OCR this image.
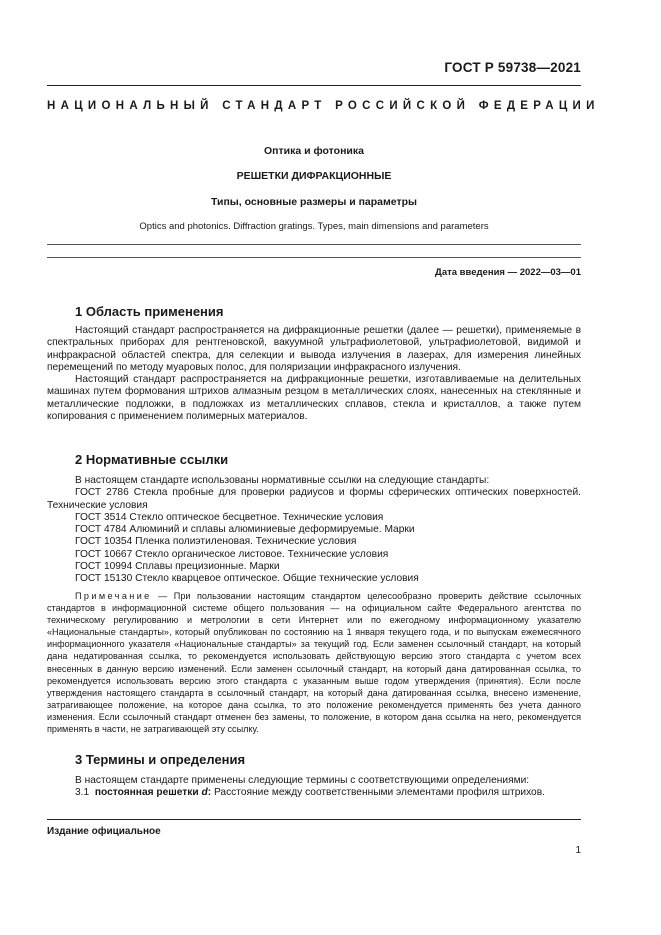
ГОСТ Р 59738—2021
НАЦИОНАЛЬНЫЙ СТАНДАРТ РОССИЙСКОЙ ФЕДЕРАЦИИ
Оптика и фотоника
РЕШЕТКИ ДИФРАКЦИОННЫЕ
Типы, основные размеры и параметры
Optics and photonics. Diffraction gratings. Types, main dimensions and parameters
Дата введения — 2022—03—01
1 Область применения

Настоящий стандарт распространяется на дифракционные решетки (далее — решетки), применяемые в спектральных приборах для рентгеновской, вакуумной ультрафиолетовой, ультрафиолетовой, видимой и инфракрасной областей спектра, для селекции и вывода излучения в лазерах, для измерения линейных перемещений по методу муаровых полос, для поляризации инфракрасного излучения.

Настоящий стандарт распространяется на дифракционные решетки, изготавливаемые на делительных машинах путем формования штрихов алмазным резцом в металлических слоях, нанесенных на стеклянные и металлические подложки, в подложках из металлических сплавов, стекла и кристаллов, а также путем копирования с применением полимерных материалов.

2 Нормативные ссылки

В настоящем стандарте использованы нормативные ссылки на следующие стандарты:

ГОСТ 2786 Стекла пробные для проверки радиусов и формы сферических оптических поверхностей. Технические условия

ГОСТ 3514 Стекло оптическое бесцветное. Технические условия

ГОСТ 4784 Алюминий и сплавы алюминиевые деформируемые. Марки

ГОСТ 10354 Пленка полиэтиленовая. Технические условия

ГОСТ 10667 Стекло органическое листовое. Технические условия

ГОСТ 10994 Сплавы прецизионные. Марки

ГОСТ 15130 Стекло кварцевое оптическое. Общие технические условия

Примечание — При пользовании настоящим стандартом целесообразно проверить действие ссылочных стандартов в информационной системе общего пользования — на официальном сайте Федерального агентства по техническому регулированию и метрологии в сети Интернет или по ежегодному информационному указателю «Национальные стандарты», который опубликован по состоянию на 1 января текущего года, и по выпускам ежемесячного информационного указателя «Национальные стандарты» за текущий год. Если заменен ссылочный стандарт, на который дана недатированная ссылка, то рекомендуется использовать действующую версию этого стандарта с учетом всех внесенных в данную версию изменений. Если заменен ссылочный стандарт, на который дана датированная ссылка, то рекомендуется использовать версию этого стандарта с указанным выше годом утверждения (принятия). Если после утверждения настоящего стандарта в ссылочный стандарт, на который дана датированная ссылка, внесено изменение, затрагивающее положение, на которое дана ссылка, то это положение рекомендуется применять без учета данного изменения. Если ссылочный стандарт отменен без замены, то положение, в котором дана ссылка на него, рекомендуется применять в части, не затрагивающей эту ссылку.

3 Термины и определения

В настоящем стандарте применены следующие термины с соответствующими определениями:

3.1 постоянная решетки d: Расстояние между соответственными элементами профиля штрихов.

Издание официальное
1
